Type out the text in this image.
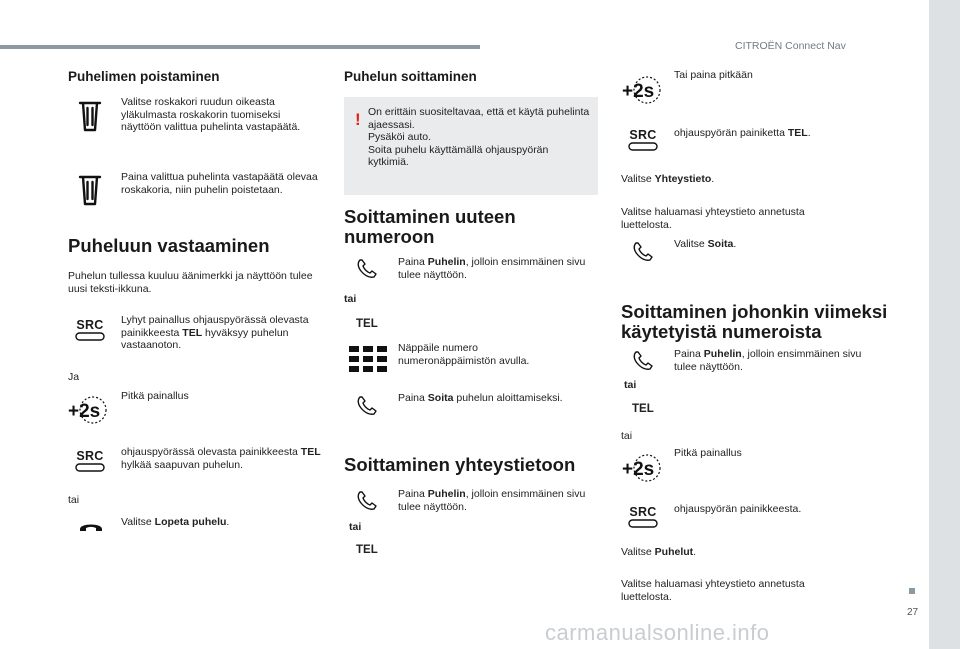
CITROËN Connect Nav
27
carmanualsonline.info
Puhelimen poistaminen
Valitse roskakori ruudun oikeasta yläkulmasta roskakorin tuomiseksi näyttöön valittua puhelinta vastapäätä.
Paina valittua puhelinta vastapäätä olevaa roskakoria, niin puhelin poistetaan.
Puheluun vastaaminen
Puhelun tullessa kuuluu äänimerkki ja näyttöön tulee uusi teksti-ikkuna.
SRC	Lyhyt painallus ohjauspyörässä olevasta painikkeesta TEL hyväksyy puhelun vastaanoton.
Ja
+2s
Pitkä painallus
SRC	ohjauspyörässä olevasta painikkeesta TEL hylkää saapuvan puhelun.
tai
Valitse Lopeta puhelu.
Puhelun soittaminen
! On erittäin suositeltavaa, että et käytä puhelinta ajaessasi.
Pysäköi auto.
Soita puhelu käyttämällä ohjauspyörän kytkimiä.
Soittaminen uuteen
numeroon
Paina Puhelin, jolloin ensimmäinen sivu tulee näyttöön.
tai
TEL
Näppäile numero numeronäppäimistön avulla.
Paina Soita puhelun aloittamiseksi.
Soittaminen yhteystietoon
Paina Puhelin, jolloin ensimmäinen sivu tulee näyttöön.
tai
TEL
+2s
Tai paina pitkään
SRC	ohjauspyörän painiketta TEL.
Valitse Yhteystieto.
Valitse haluamasi yhteystieto annetusta luettelosta.
Valitse Soita.
Soittaminen johonkin viimeksi
käytetyistä numeroista
Paina Puhelin, jolloin ensimmäinen sivu tulee näyttöön.
tai
TEL
tai
+2s
Pitkä painallus
SRC	ohjauspyörän painikkeesta.
Valitse Puhelut.
Valitse haluamasi yhteystieto annetusta luettelosta.
